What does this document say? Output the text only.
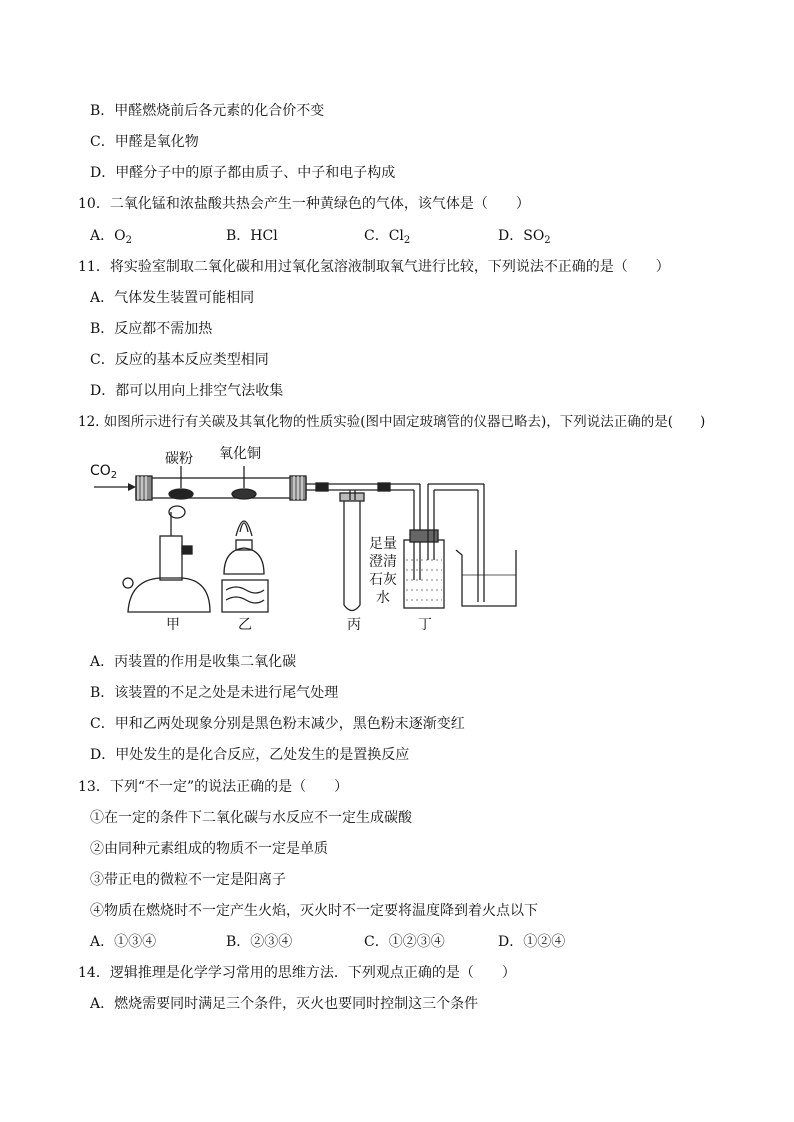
B．甲醛燃烧前后各元素的化合价不变
C．甲醛是氧化物
D．甲醛分子中的原子都由质子、中子和电子构成
10．二氧化锰和浓盐酸共热会产生一种黄绿色的气体，该气体是（　　）
A．$O_2$	B．HCl	C．$Cl_2$	D．$SO_2$
11．将实验室制取二氧化碳和用过氧化氢溶液制取氧气进行比较，下列说法不正确的是（　　）
A．气体发生装置可能相同
B．反应都不需加热
C．反应的基本反应类型相同
D．都可以用向上排空气法收集
12. 如图所示进行有关碳及其氧化物的性质实验(图中固定玻璃管的仪器已略去)，下列说法正确的是(　　)
$CO_2$
碳粉 氧化铜
足量
澄清
石灰
水
甲	乙	丙	丁
A．丙装置的作用是收集二氧化碳
B．该装置的不足之处是未进行尾气处理
C．甲和乙两处现象分别是黑色粉末减少，黑色粉末逐渐变红
D．甲处发生的是化合反应，乙处发生的是置换反应
13．下列“不一定”的说法正确的是（　　）
①在一定的条件下二氧化碳与水反应不一定生成碳酸
②由同种元素组成的物质不一定是单质
③带正电的微粒不一定是阳离子
④物质在燃烧时不一定产生火焰，灭火时不一定要将温度降到着火点以下
A．①③④	B．②③④	C．①②③④	D．①②④
14．逻辑推理是化学学习常用的思维方法．下列观点正确的是（　　）
A．燃烧需要同时满足三个条件，灭火也要同时控制这三个条件
